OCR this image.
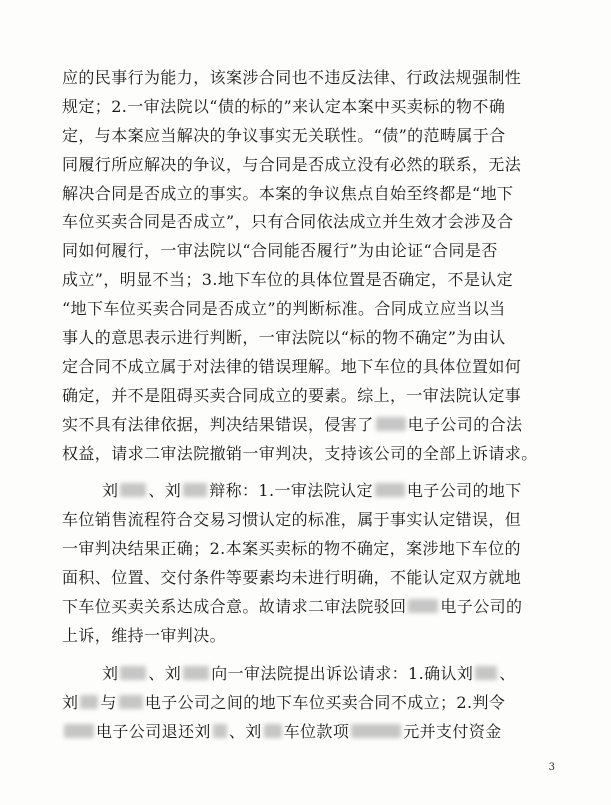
应的民事行为能力，该案涉合同也不违反法律、行政法规强制性
规定；2.一审法院以“债的标的”来认定本案中买卖标的物不确
定，与本案应当解决的争议事实无关联性。“债”的范畴属于合
同履行所应解决的争议，与合同是否成立没有必然的联系，无法
解决合同是否成立的事实。本案的争议焦点自始至终都是“地下
车位买卖合同是否成立”，只有合同依法成立并生效才会涉及合
同如何履行，一审法院以“合同能否履行”为由论证“合同是否
成立”，明显不当；3.地下车位的具体位置是否确定，不是认定
“地下车位买卖合同是否成立”的判断标准。合同成立应当以当
事人的意思表示进行判断，一审法院以“标的物不确定”为由认
定合同不成立属于对法律的错误理解。地下车位的具体位置如何
确定，并不是阻碍买卖合同成立的要素。综上，一审法院认定事
实不具有法律依据，判决结果错误，侵害了 电子公司的合法
权益，请求二审法院撤销一审判决，支持该公司的全部上诉请求。
刘 、刘 辩称：1.一审法院认定 电子公司的地下
车位销售流程符合交易习惯认定的标准，属于事实认定错误，但
一审判决结果正确；2.本案买卖标的物不确定，案涉地下车位的
面积、位置、交付条件等要素均未进行明确，不能认定双方就地
下车位买卖关系达成合意。故请求二审法院驳回 电子公司的
上诉，维持一审判决。
刘 、刘 向一审法院提出诉讼请求：1.确认刘 、
刘 与 电子公司之间的地下车位买卖合同不成立；2.判令
电子公司退还刘 、刘 车位款项	元并支付资金
3
